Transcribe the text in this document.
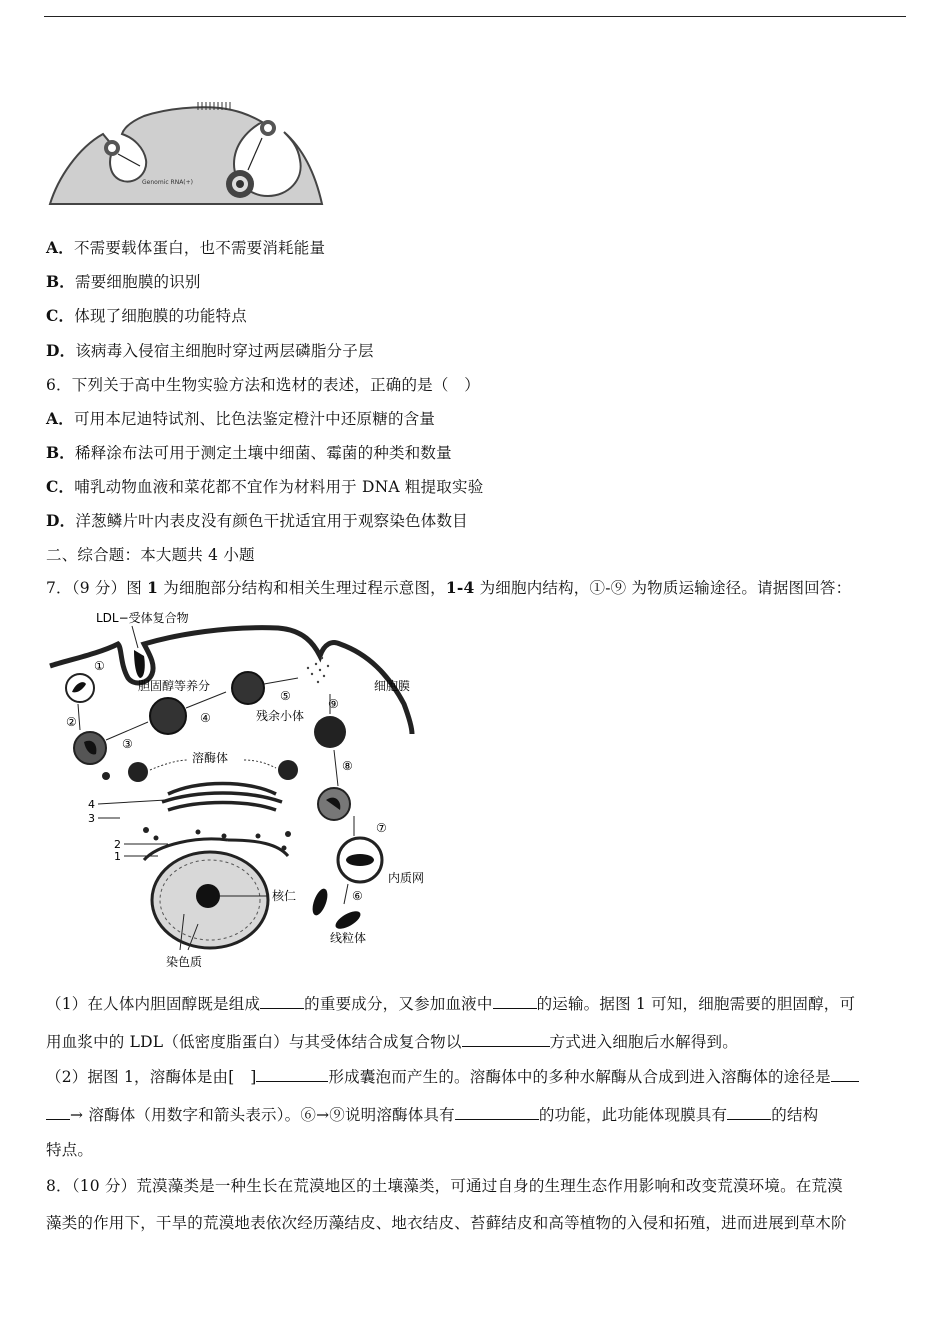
Genomic RNA(+)
A．不需要载体蛋白，也不需要消耗能量
B．需要细胞膜的识别
C．体现了细胞膜的功能特点
D．该病毒入侵宿主细胞时穿过两层磷脂分子层
6．下列关于高中生物实验方法和选材的表述，正确的是（　）
A．可用本尼迪特试剂、比色法鉴定橙汁中还原糖的含量
B．稀释涂布法可用于测定土壤中细菌、霉菌的种类和数量
C．哺乳动物血液和菜花都不宜作为材料用于 DNA 粗提取实验
D．洋葱鳞片叶内表皮没有颜色干扰适宜用于观察染色体数目
二、综合题：本大题共 4 小题
7．（9 分）图 1 为细胞部分结构和相关生理过程示意图，1-4 为细胞内结构，①-⑨ 为物质运输途径。请据图回答：
LDL−受体复合物
细胞膜
①
②
③
胆固醇等养分
④
⑤
残余小体
⑨
⑧
溶酶体
4
3
2
1
核仁
染色质
⑦
内质网
⑥
线粒体
（1）在人体内胆固醇既是组成	的重要成分，又参加血液中	的运输。据图 1 可知，细胞需要的胆固醇，可
用血浆中的 LDL（低密度脂蛋白）与其受体结合成复合物以	方式进入细胞后水解得到。
（2）据图 1，溶酶体是由[　]	形成囊泡而产生的。溶酶体中的多种水解酶从合成到进入溶酶体的途径是
→ 溶酶体（用数字和箭头表示）。⑥→⑨说明溶酶体具有	的功能，此功能体现膜具有	的结构
特点。
8．（10 分）荒漠藻类是一种生长在荒漠地区的土壤藻类，可通过自身的生理生态作用影响和改变荒漠环境。在荒漠
藻类的作用下，干旱的荒漠地表依次经历藻结皮、地衣结皮、苔藓结皮和高等植物的入侵和拓殖，进而进展到草木阶
